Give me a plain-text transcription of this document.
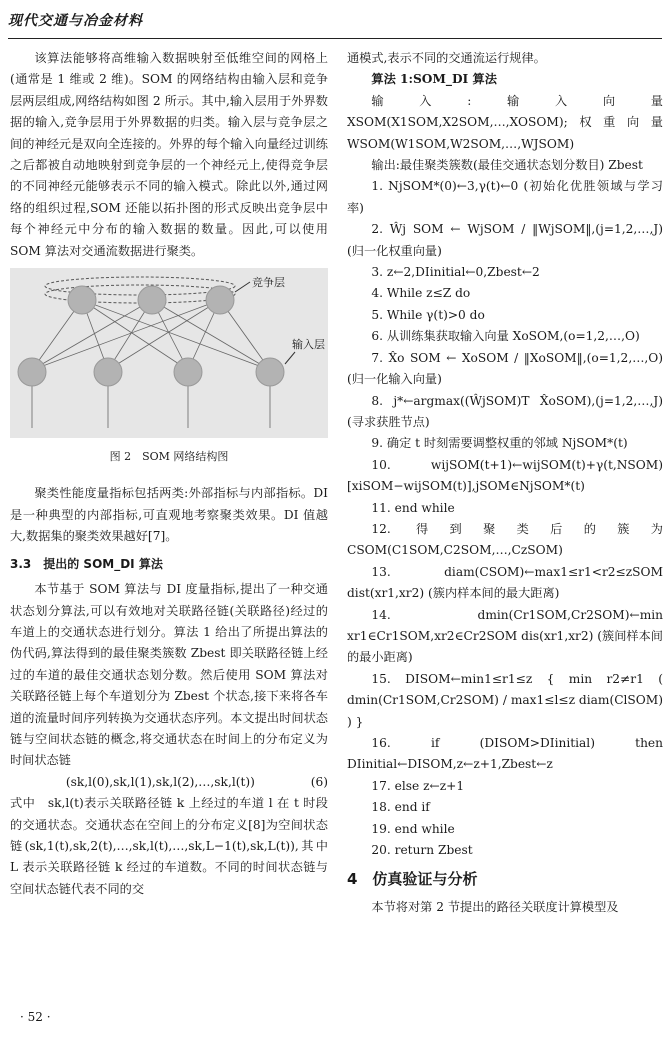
现代交通与冶金材料

该算法能够将高维输入数据映射至低维空间的网格上(通常是 1 维或 2 维)。SOM 的网络结构由输入层和竞争层两层组成,网络结构如图 2 所示。其中,输入层用于外界数据的输入,竞争层用于外界数据的归类。输入层与竞争层之间的神经元是双向全连接的。外界的每个输入向量经过训练之后都被自动地映射到竞争层的一个神经元上,使得竞争层的不同神经元能够表示不同的输入模式。除此以外,通过网络的组织过程,SOM 还能以拓扑图的形式反映出竞争层中每个神经元中分布的输入数据的数量。因此,可以使用 SOM 算法对交通流数据进行聚类。

竞争层
输入层
图 2　SOM 网络结构图

聚类性能度量指标包括两类:外部指标与内部指标。DI 是一种典型的内部指标,可直观地考察聚类效果。DI 值越大,数据集的聚类效果越好[7]。

3.3　提出的 SOM_DI 算法

本节基于 SOM 算法与 DI 度量指标,提出了一种交通状态划分算法,可以有效地对关联路径链(关联路径)经过的车道上的交通状态进行划分。算法 1 给出了所提出算法的伪代码,算法得到的最佳聚类簇数 Zbest 即关联路径链上经过的车道的最佳交通状态划分数。然后使用 SOM 算法对关联路径链上每个车道划分为 Zbest 个状态,接下来将各车道的流量时间序列转换为交通状态序列。本文提出时间状态链与空间状态链的概念,将交通状态在时间上的分布定义为时间状态链

(sk,l(0),sk,l(1),sk,l(2),…,sk,l(t))	(6)

式中　sk,l(t)表示关联路径链 k 上经过的车道 l 在 t 时段的交通状态。交通状态在空间上的分布定义[8]为空间状态链(sk,1(t),sk,2(t),…,sk,l(t),…,sk,L−1(t),sk,L(t)),其中 L 表示关联路径链 k 经过的车道数。不同的时间状态链与空间状态链代表不同的交

通模式,表示不同的交通流运行规律。

算法 1:SOM_DI 算法

输入:输入向量 XSOM(X1SOM,X2SOM,…,XOSOM);权重向量 WSOM(W1SOM,W2SOM,…,WJSOM)

输出:最佳聚类簇数(最佳交通状态划分数目) Zbest

1. NjSOM*(0)←3,γ(t)←0 (初始化优胜领域与学习率)

2. Ŵj SOM ← WjSOM / ‖WjSOM‖,(j=1,2,…,J) (归一化权重向量)

3. z←2,DIinitial←0,Zbest←2

4. While z≤Z do

5. While γ(t)>0 do

6. 从训练集获取输入向量 XoSOM,(o=1,2,…,O)

7. X̂o SOM ← XoSOM / ‖XoSOM‖,(o=1,2,…,O) (归一化输入向量)

8. j*←argmax((ŴjSOM)T X̂oSOM),(j=1,2,…,J) (寻求获胜节点)

9. 确定 t 时刻需要调整权重的邻域 NjSOM*(t)

10. wijSOM(t+1)←wijSOM(t)+γ(t,NSOM)[xiSOM−wijSOM(t)],jSOM∈NjSOM*(t)

11. end while

12. 得到聚类后的簇为 CSOM(C1SOM,C2SOM,…,CzSOM)

13. diam(CSOM)←max1≤r1<r2≤zSOM dist(xr1,xr2) (簇内样本间的最大距离)

14. dmin(Cr1SOM,Cr2SOM)←min xr1∈Cr1SOM,xr2∈Cr2SOM dis(xr1,xr2) (簇间样本间的最小距离)

15. DISOM←min1≤r1≤z { min r2≠r1 ( dmin(Cr1SOM,Cr2SOM) / max1≤l≤z diam(ClSOM) ) }

16. if (DISOM>DIinitial) then DIinitial←DISOM,z←z+1,Zbest←z

17. else z←z+1

18. end if

19. end while

20. return Zbest

4　仿真验证与分析

本节将对第 2 节提出的路径关联度计算模型及

· 52 ·
